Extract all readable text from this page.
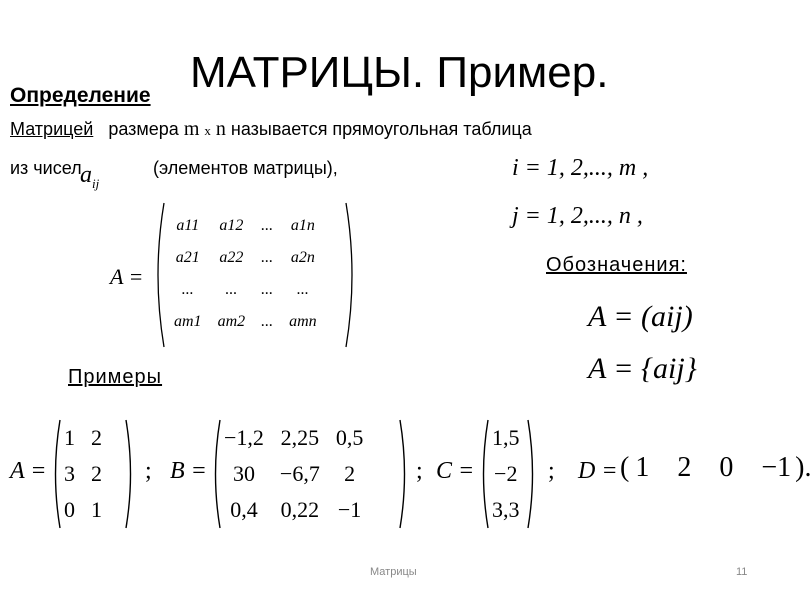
МАТРИЦЫ. Пример.
Определение
Матрицей размера m x n называется прямоугольная таблица
из чисел
$a_{ij}$
(элементов матрицы),	i = 1, 2,..., m ,
j = 1, 2,..., n ,
A =
a11	a12	...	a1n
a21	a22	...	a2n
...	...	...	...
am1	am2	...	amn
Обозначения:
A = (aij)
A = {aij}
Примеры
A =
1	2
3	2
0	1
; B =
−1,2	2,25	0,5
30	−6,7	2
0,4	0,22	−1
; C =
1,5
−2
3,3
; D = ( 1 2 0 −1 ).
Матрицы	11
